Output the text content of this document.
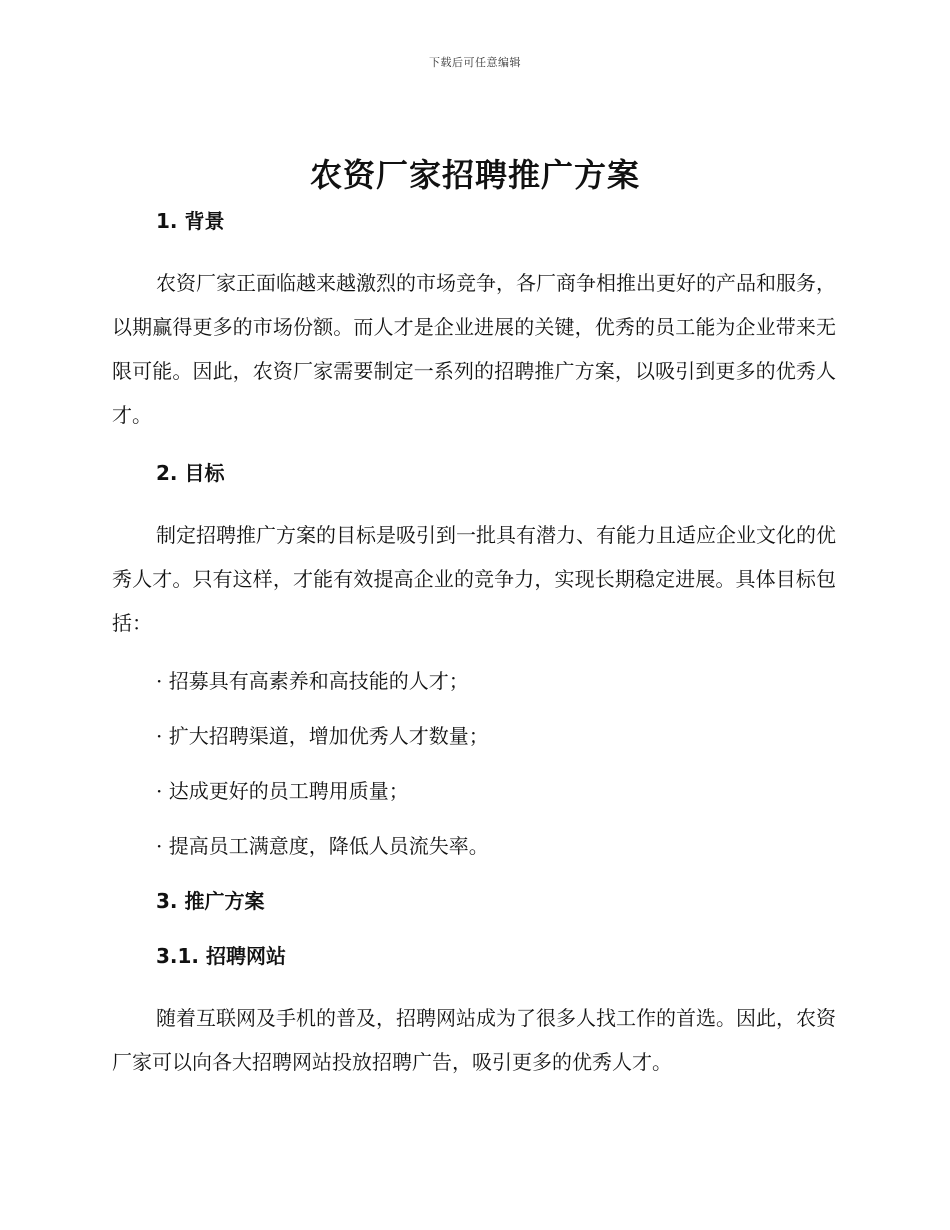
下载后可任意编辑
农资厂家招聘推广方案
1. 背景

农资厂家正面临越来越激烈的市场竞争，各厂商争相推出更好的产品和服务，以期赢得更多的市场份额。而人才是企业进展的关键，优秀的员工能为企业带来无限可能。因此，农资厂家需要制定一系列的招聘推广方案，以吸引到更多的优秀人才。

2. 目标

制定招聘推广方案的目标是吸引到一批具有潜力、有能力且适应企业文化的优秀人才。只有这样，才能有效提高企业的竞争力，实现长期稳定进展。具体目标包括：

· 招募具有高素养和高技能的人才；
· 扩大招聘渠道，增加优秀人才数量；
· 达成更好的员工聘用质量；
· 提高员工满意度，降低人员流失率。
3. 推广方案
3.1. 招聘网站

随着互联网及手机的普及，招聘网站成为了很多人找工作的首选。因此，农资厂家可以向各大招聘网站投放招聘广告，吸引更多的优秀人才。
